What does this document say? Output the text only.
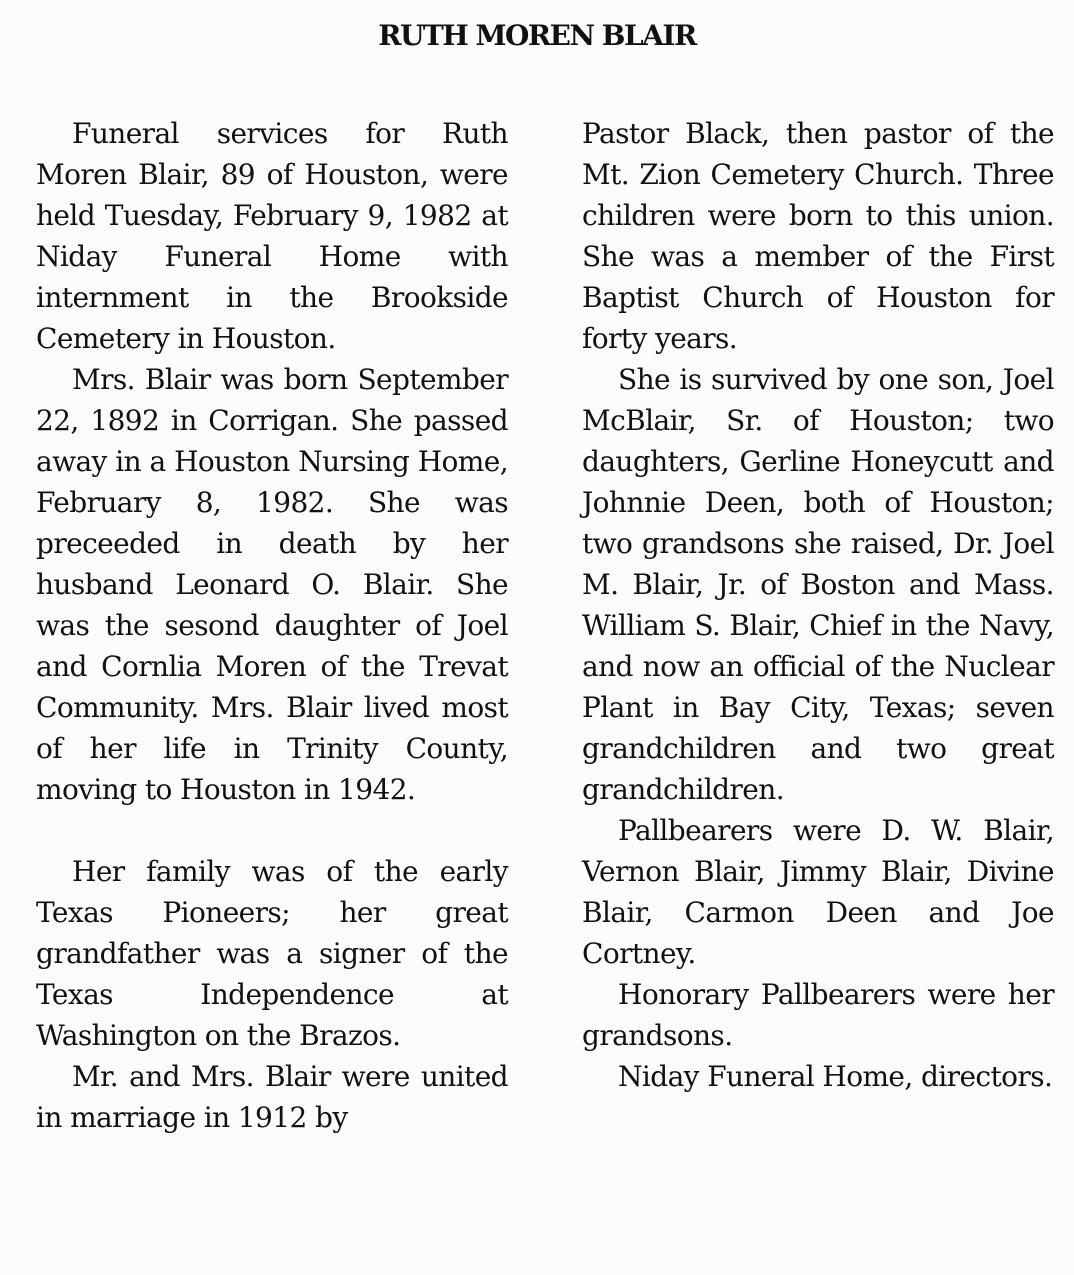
RUTH MOREN BLAIR

Funeral services for Ruth Moren Blair, 89 of Houston, were held Tuesday, February 9, 1982 at Niday Funeral Home with internment in the Brookside Cemetery in Houston.

Mrs. Blair was born September 22, 1892 in Corrigan. She passed away in a Houston Nursing Home, February 8, 1982. She was preceeded in death by her husband Leonard O. Blair. She was the sesond daughter of Joel and Cornlia Moren of the Trevat Community. Mrs. Blair lived most of her life in Trinity County, moving to Houston in 1942.

Her family was of the early Texas Pioneers; her great grandfather was a signer of the Texas Independence at Washington on the Brazos.

Mr. and Mrs. Blair were united in marriage in 1912 by

Pastor Black, then pastor of the Mt. Zion Cemetery Church. Three children were born to this union. She was a member of the First Baptist Church of Houston for forty years.

She is survived by one son, Joel McBlair, Sr. of Houston; two daughters, Gerline Honeycutt and Johnnie Deen, both of Houston; two grandsons she raised, Dr. Joel M. Blair, Jr. of Boston and Mass. William S. Blair, Chief in the Navy, and now an official of the Nuclear Plant in Bay City, Texas; seven grandchildren and two great grandchildren.

Pallbearers were D. W. Blair, Vernon Blair, Jimmy Blair, Divine Blair, Carmon Deen and Joe Cortney.

Honorary Pallbearers were her grandsons.

Niday Funeral Home, directors.
